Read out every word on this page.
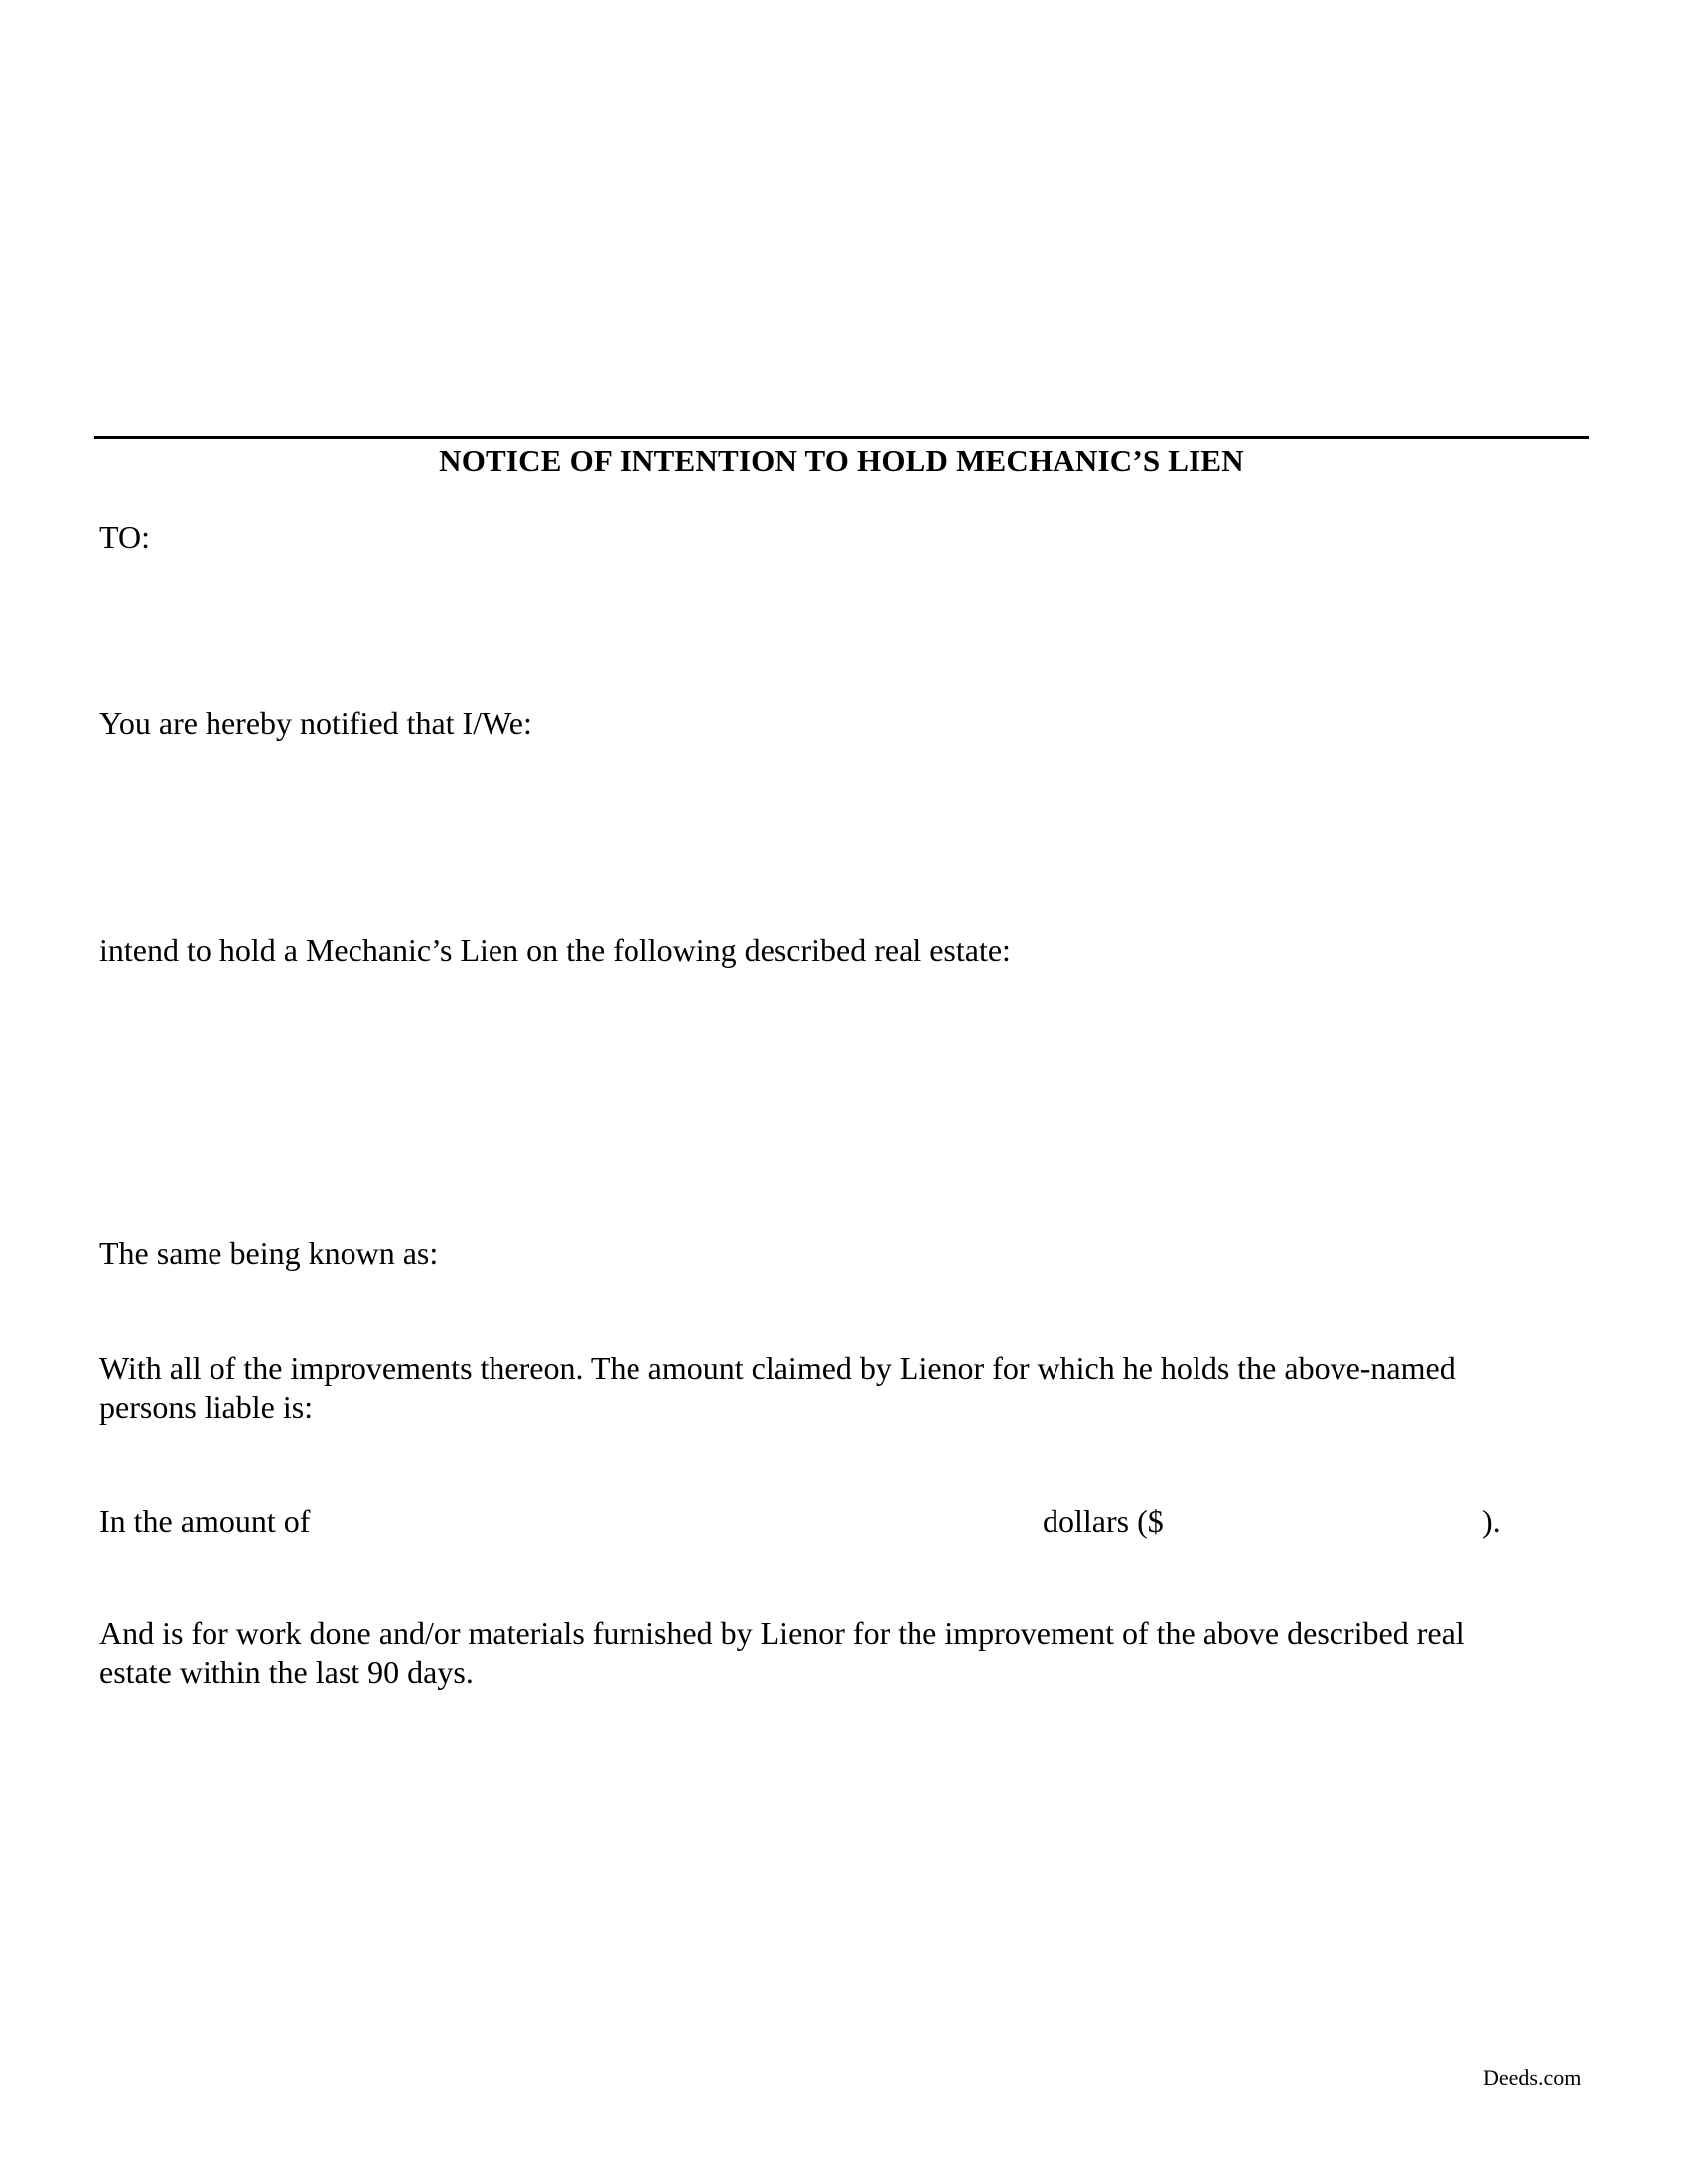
NOTICE OF INTENTION TO HOLD MECHANIC’S LIEN
TO:
You are hereby notified that I/We:
intend to hold a Mechanic’s Lien on the following described real estate:
The same being known as:
With all of the improvements thereon. The amount claimed by Lienor for which he holds the above-named persons liable is:
In the amount of	dollars ($	).
And is for work done and/or materials furnished by Lienor for the improvement of the above described real estate within the last 90 days.
Deeds.com
